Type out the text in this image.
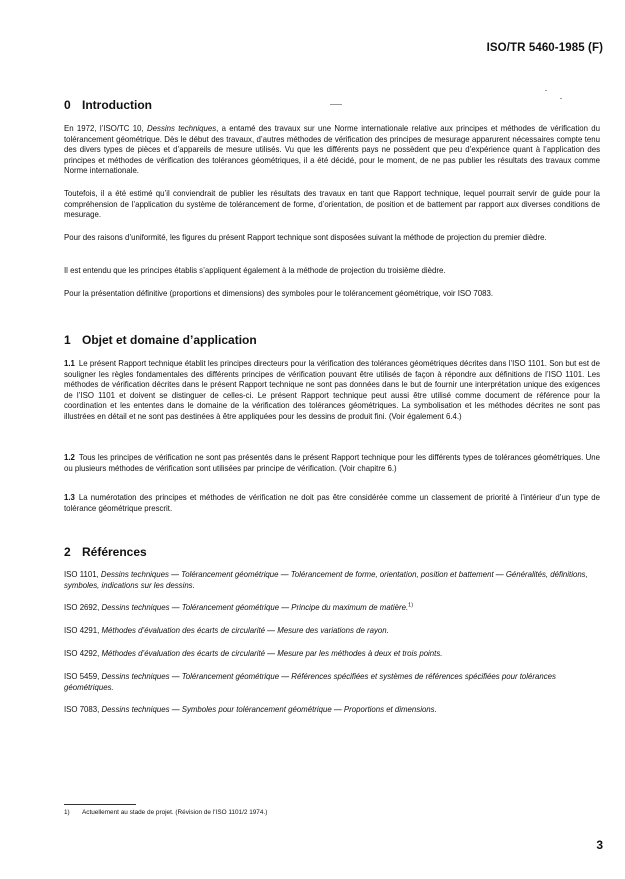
ISO/TR 5460-1985 (F)
0 Introduction

En 1972, l’ISO/TC 10, Dessins techniques, a entamé des travaux sur une Norme internationale relative aux principes et méthodes de vérification du tolérancement géométrique. Dès le début des travaux, d’autres méthodes de vérification des principes de mesurage apparurent nécessaires compte tenu des divers types de pièces et d’appareils de mesure utilisés. Vu que les différents pays ne possèdent que peu d’expérience quant à l’application des principes et méthodes de vérification des tolérances géométriques, il a été décidé, pour le moment, de ne pas publier les résultats des travaux comme Norme internationale.

Toutefois, il a été estimé qu’il conviendrait de publier les résultats des travaux en tant que Rapport technique, lequel pourrait servir de guide pour la compréhension de l’application du système de tolérancement de forme, d’orientation, de position et de battement par rapport aux diverses conditions de mesurage.

Pour des raisons d’uniformité, les figures du présent Rapport technique sont disposées suivant la méthode de projection du premier dièdre.

Il est entendu que les principes établis s’appliquent également à la méthode de projection du troisième dièdre.

Pour la présentation définitive (proportions et dimensions) des symboles pour le tolérancement géométrique, voir ISO 7083.

1 Objet et domaine d’application

1.1 Le présent Rapport technique établit les principes directeurs pour la vérification des tolérances géométriques décrites dans l’ISO 1101. Son but est de souligner les règles fondamentales des différents principes de vérification pouvant être utilisés de façon à répondre aux définitions de l’ISO 1101. Les méthodes de vérification décrites dans le présent Rapport technique ne sont pas données dans le but de fournir une interprétation unique des exigences de l’ISO 1101 et doivent se distinguer de celles-ci. Le présent Rapport technique peut aussi être utilisé comme document de référence pour la coordination et les ententes dans le domaine de la vérification des tolérances géométriques. La symbolisation et les méthodes décrites ne sont pas illustrées en détail et ne sont pas destinées à être appliquées pour les dessins de produit fini. (Voir également 6.4.)

1.2 Tous les principes de vérification ne sont pas présentés dans le présent Rapport technique pour les différents types de tolérances géométriques. Une ou plusieurs méthodes de vérification sont utilisées par principe de vérification. (Voir chapitre 6.)

1.3 La numérotation des principes et méthodes de vérification ne doit pas être considérée comme un classement de priorité à l’intérieur d’un type de tolérance géométrique prescrit.

2 Références

ISO 1101, Dessins techniques — Tolérancement géométrique — Tolérancement de forme, orientation, position et battement — Généralités, définitions, symboles, indications sur les dessins.

ISO 2692, Dessins techniques — Tolérancement géométrique — Principe du maximum de matière.$^{1)}$

ISO 4291, Méthodes d’évaluation des écarts de circularité — Mesure des variations de rayon.

ISO 4292, Méthodes d’évaluation des écarts de circularité — Mesure par les méthodes à deux et trois points.

ISO 5459, Dessins techniques — Tolérancement géométrique — Références spécifiées et systèmes de références spécifiées pour tolérances géométriques.

ISO 7083, Dessins techniques — Symboles pour tolérancement géométrique — Proportions et dimensions.

1) Actuellement au stade de projet. (Révision de l’ISO 1101/2 1974.)

3
